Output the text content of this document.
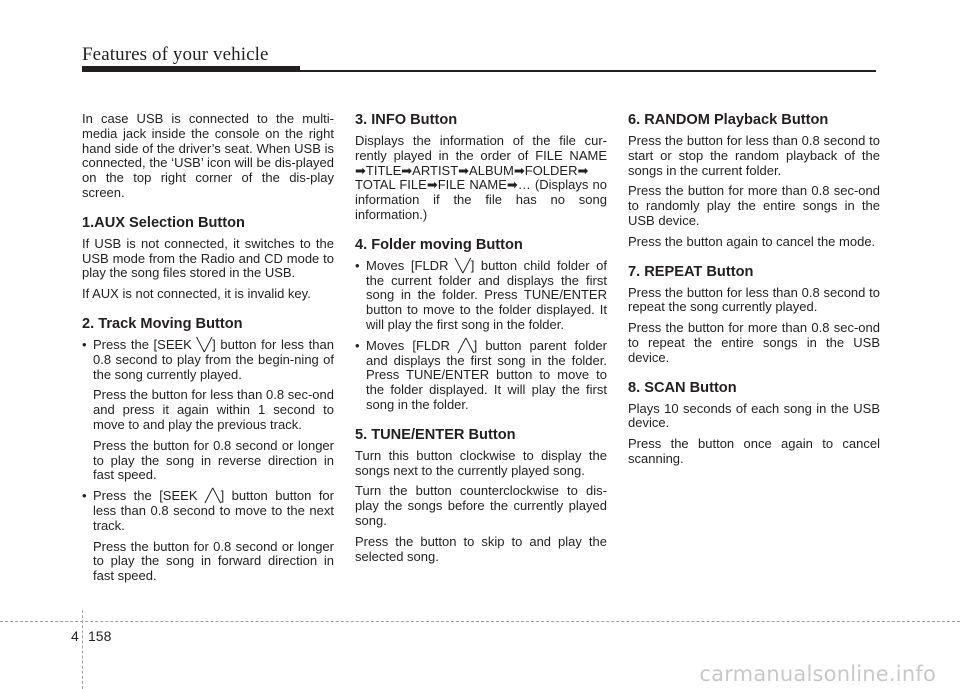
Features of your vehicle

In case USB is connected to the multi-media jack inside the console on the right hand side of the driver’s seat. When USB is connected, the ‘USB’ icon will be dis-played on the top right corner of the dis-play screen.

1.AUX Selection Button

If USB is not connected, it switches to the USB mode from the Radio and CD mode to play the song files stored in the USB.

If AUX is not connected, it is invalid key.

2. Track Moving Button

• Press the [SEEK ╲╱] button for less than 0.8 second to play from the begin-ning of the song currently played.

Press the button for less than 0.8 sec-ond and press it again within 1 second to move to and play the previous track.

Press the button for 0.8 second or longer to play the song in reverse direction in fast speed.

• Press the [SEEK ╱╲] button button for less than 0.8 second to move to the next track.

Press the button for 0.8 second or longer to play the song in forward direction in fast speed.

3. INFO Button

Displays the information of the file cur-rently played in the order of FILE NAME ➡TITLE➡ARTIST➡ALBUM➡FOLDER➡ TOTAL FILE➡FILE NAME➡… (Displays no information if the file has no song information.)

4. Folder moving Button
• Moves [FLDR ╲╱] button child folder of the current folder and displays the first song in the folder. Press TUNE/ENTER button to move to the folder displayed. It will play the first song in the folder.
• Moves [FLDR ╱╲] button parent folder and displays the first song in the folder. Press TUNE/ENTER button to move to the folder displayed. It will play the first song in the folder.
5. TUNE/ENTER Button

Turn this button clockwise to display the songs next to the currently played song.

Turn the button counterclockwise to dis-play the songs before the currently played song.

Press the button to skip to and play the selected song.

6. RANDOM Playback Button

Press the button for less than 0.8 second to start or stop the random playback of the songs in the current folder.

Press the button for more than 0.8 sec-ond to randomly play the entire songs in the USB device.

Press the button again to cancel the mode.

7. REPEAT Button

Press the button for less than 0.8 second to repeat the song currently played.

Press the button for more than 0.8 sec-ond to repeat the entire songs in the USB device.

8. SCAN Button

Plays 10 seconds of each song in the USB device.

Press the button once again to cancel scanning.

4 158
carmanualsonline.info
